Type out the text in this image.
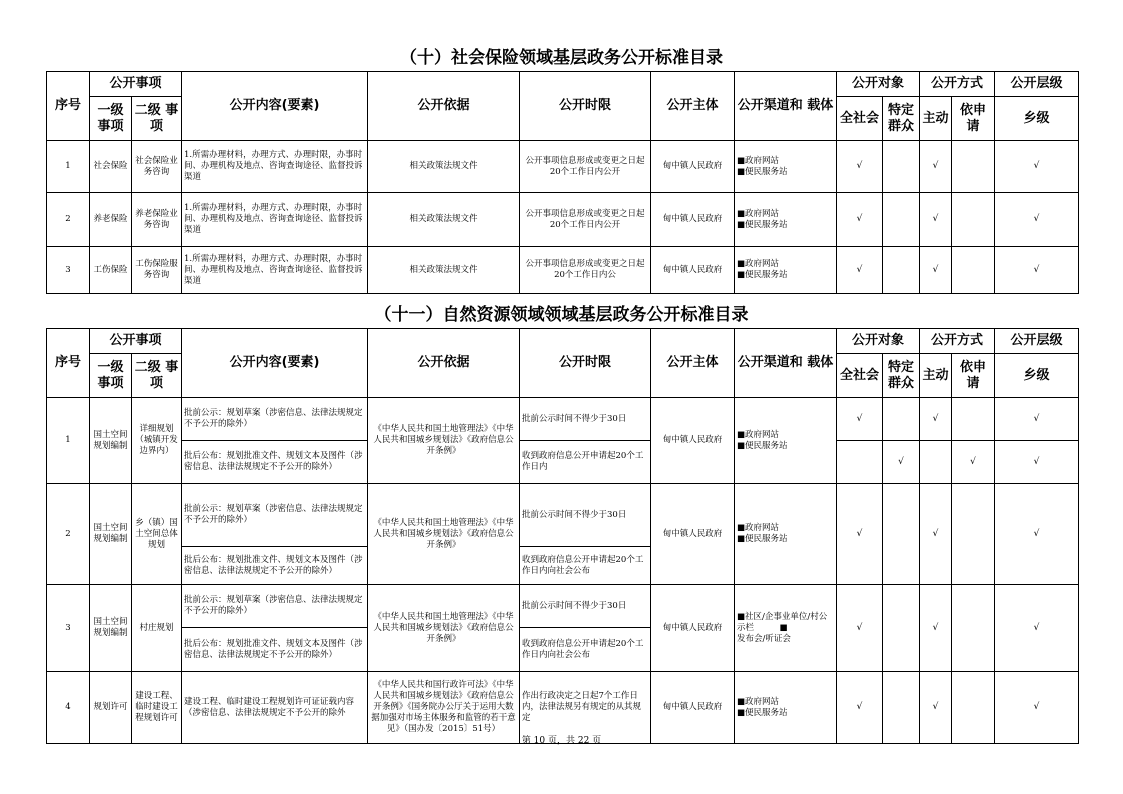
（十）社会保险领域基层政务公开标准目录
序号	公开事项		公开内容(要素)	公开依据	公开时限	公开主体	公开渠道和 载体	公开对象		公开方式		公开层级
	一级事项	二级 事项						全社会	特定群众	主动	依申请	乡级
1	社会保险	社会保险业务咨询	1.所需办理材料，办理方式、办理时限，办事时间、办理机构及地点、咨询查询途径、监督投诉渠道	相关政策法规文件	公开事项信息形成或变更之日起20个工作日内公开	甸中镇人民政府	■政府网站
■便民服务站	√		√		√
2	养老保险	养老保险业务咨询	1.所需办理材料，办理方式、办理时限，办事时间、办理机构及地点、咨询查询途径、监督投诉渠道	相关政策法规文件	公开事项信息形成或变更之日起20个工作日内公开	甸中镇人民政府	■政府网站
■便民服务站	√		√		√
3	工伤保险	工伤保险服务咨询	1.所需办理材料，办理方式、办理时限，办事时间、办理机构及地点、咨询查询途径、监督投诉渠道	相关政策法规文件	公开事项信息形成或变更之日起20个工作日内公	甸中镇人民政府	■政府网站
■便民服务站	√		√		√
（十一）自然资源领域领域基层政务公开标准目录
序号	公开事项		公开内容(要素)	公开依据	公开时限	公开主体	公开渠道和 载体	公开对象		公开方式		公开层级
	一级事项	二级 事项						全社会	特定群众	主动	依申请	乡级
1	国土空间规划编制	详细规划（城镇开发边界内）	批前公示：规划草案（涉密信息、法律法规规定不予公开的除外）	《中华人民共和国土地管理法》《中华人民共和国城乡规划法》《政府信息公开条例》	批前公示时间不得少于30日	甸中镇人民政府	■政府网站
■便民服务站	√		√		√
			批后公布：规划批准文件、规划文本及图件（涉密信息、法律法规规定不予公开的除外）		收到政府信息公开申请起20个工作日内				√		√	√
2	国土空间规划编制	乡（镇）国土空间总体规划	批前公示：规划草案（涉密信息、法律法规规定不予公开的除外）	《中华人民共和国土地管理法》《中华人民共和国城乡规划法》《政府信息公开条例》	批前公示时间不得少于30日	甸中镇人民政府	■政府网站
■便民服务站	√		√		√
			批后公布：规划批准文件、规划文本及图件（涉密信息、法律法规规定不予公开的除外）		收到政府信息公开申请起20个工作日内向社会公布							
3	国土空间规划编制	村庄规划	批前公示：规划草案（涉密信息、法律法规规定不予公开的除外）	《中华人民共和国土地管理法》《中华人民共和国城乡规划法》《政府信息公开条例》	批前公示时间不得少于30日	甸中镇人民政府	■社区/企事业单位/村公示栏　　　■
发布会/听证会	√		√		√
			批后公布：规划批准文件、规划文本及图件（涉密信息、法律法规规定不予公开的除外）		收到政府信息公开申请起20个工作日内向社会公布							
4	规划许可	建设工程、临时建设工程规划许可	建设工程、临时建设工程规划许可证证载内容（涉密信息、法律法规规定不予公开的除外	《中华人民共和国行政许可法》《中华人民共和国城乡规划法》《政府信息公开条例》《国务院办公厅关于运用大数据加强对市场主体服务和监管的若干意见》（国办发〔2015〕51号）	作出行政决定之日起7个工作日内，法律法规另有规定的从其规定	甸中镇人民政府	■政府网站
■便民服务站	√		√		√
第 10 页，共 22 页
